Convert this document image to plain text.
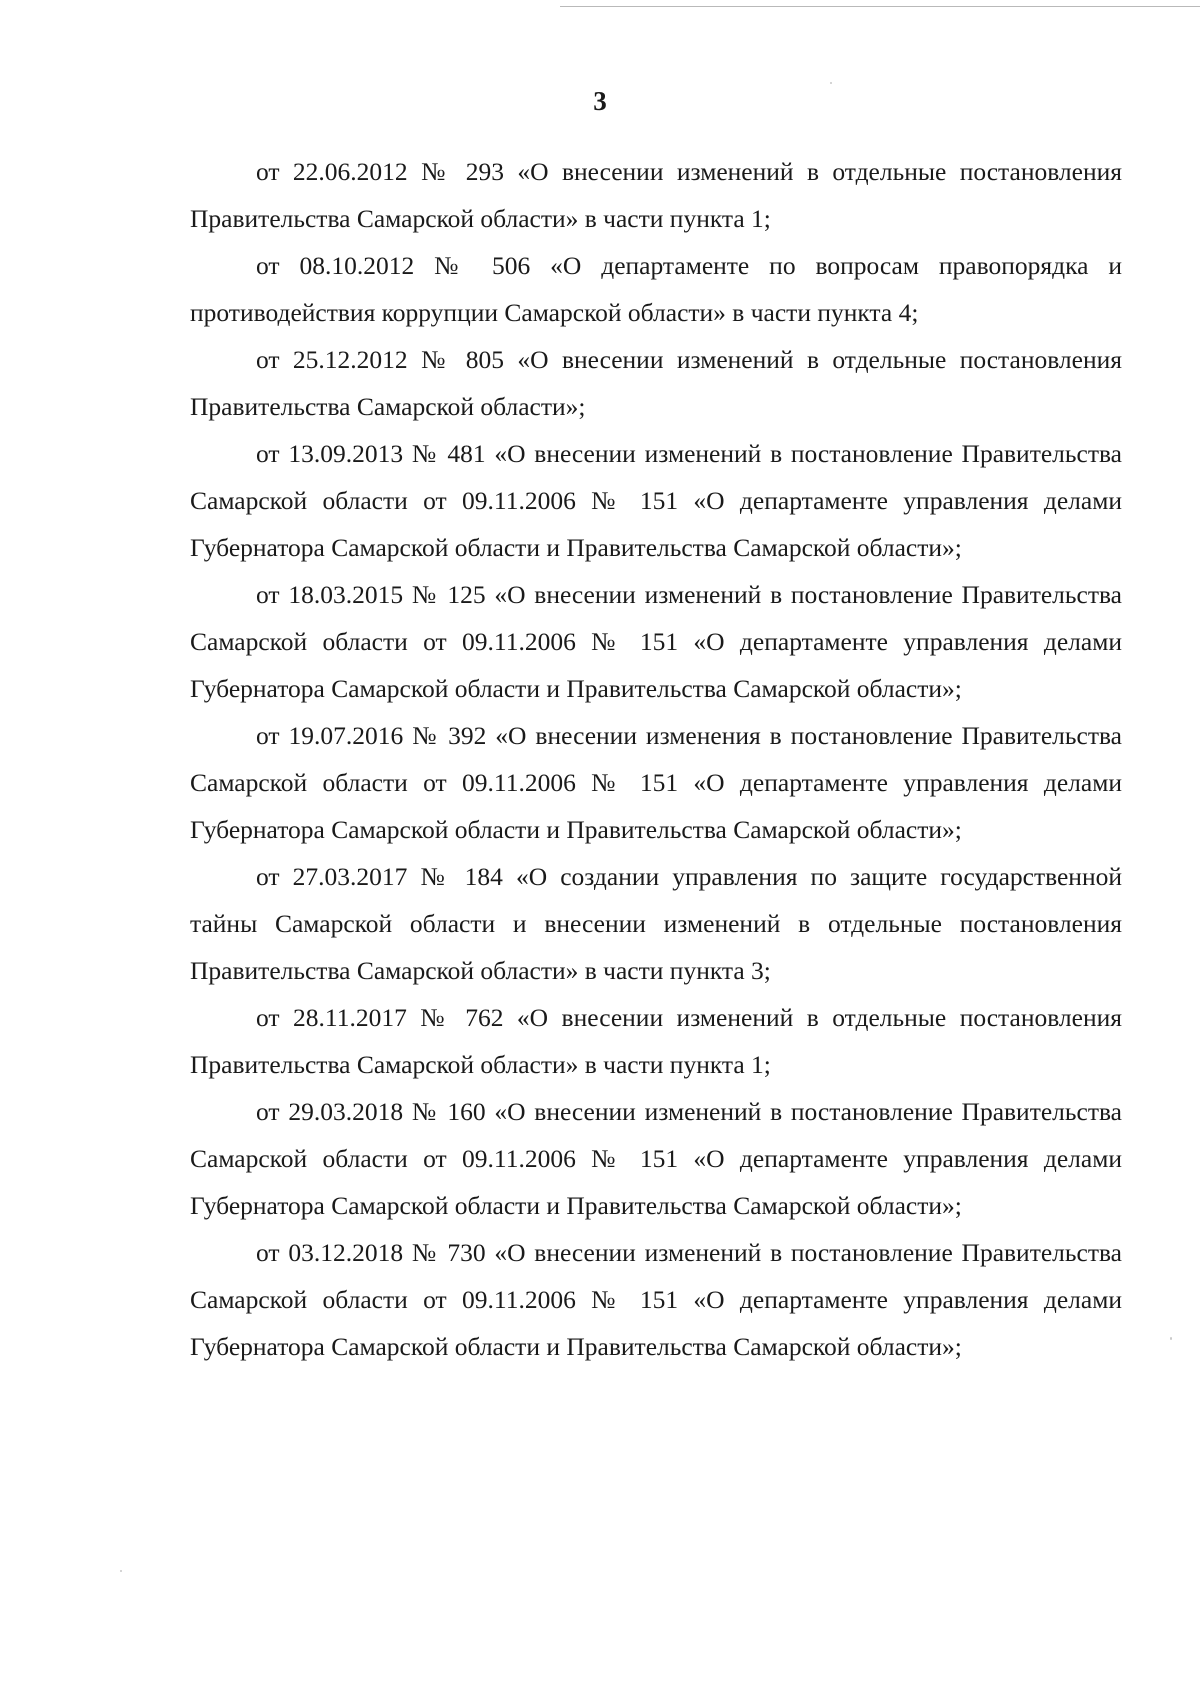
3

от 22.06.2012 № 293 «О внесении изменений в отдельные постановления Правительства Самарской области» в части пункта 1;

от 08.10.2012 № 506 «О департаменте по вопросам правопорядка и противодействия коррупции Самарской области» в части пункта 4;

от 25.12.2012 № 805 «О внесении изменений в отдельные постановления Правительства Самарской области»;

от 13.09.2013 № 481 «О внесении изменений в постановление Правительства Самарской области от 09.11.2006 № 151 «О департаменте управления делами Губернатора Самарской области и Правительства Самарской области»;

от 18.03.2015 № 125 «О внесении изменений в постановление Правительства Самарской области от 09.11.2006 № 151 «О департаменте управления делами Губернатора Самарской области и Правительства Самарской области»;

от 19.07.2016 № 392 «О внесении изменения в постановление Правительства Самарской области от 09.11.2006 № 151 «О департаменте управления делами Губернатора Самарской области и Правительства Самарской области»;

от 27.03.2017 № 184 «О создании управления по защите государственной тайны Самарской области и внесении изменений в отдельные постановления Правительства Самарской области» в части пункта 3;

от 28.11.2017 № 762 «О внесении изменений в отдельные постановления Правительства Самарской области» в части пункта 1;

от 29.03.2018 № 160 «О внесении изменений в постановление Правительства Самарской области от 09.11.2006 № 151 «О департаменте управления делами Губернатора Самарской области и Правительства Самарской области»;

от 03.12.2018 № 730 «О внесении изменений в постановление Правительства Самарской области от 09.11.2006 № 151 «О департаменте управления делами Губернатора Самарской области и Правительства Самарской области»;
